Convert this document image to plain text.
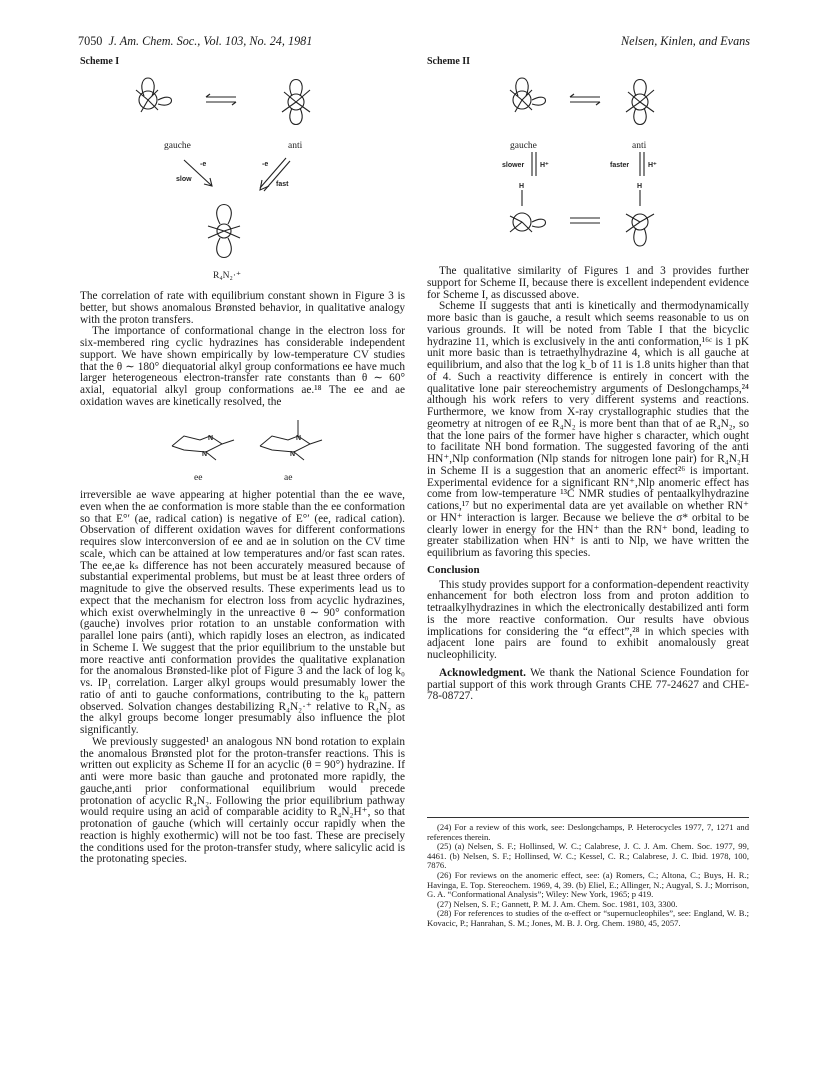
7050 J. Am. Chem. Soc., Vol. 103, No. 24, 1981	Nelsen, Kinlen, and Evans
Scheme I	Scheme II
gauche	anti
slow
-e
fast
-e
R₄N₂·⁺
gauche	anti
slower H⁺	faster	H⁺
H	H

The correlation of rate with equilibrium constant shown in Figure 3 is better, but shows anomalous Brønsted behavior, in qualitative analogy with the proton transfers.

The importance of conformational change in the electron loss for six-membered ring cyclic hydrazines has considerable independent support. We have shown empirically by low-temperature CV studies that the θ ∼ 180° diequatorial alkyl group conformations ee have much larger heterogeneous electron-transfer rate constants than θ ∼ 60° axial, equatorial alkyl group conformations ae.¹⁸ The ee and ae oxidation waves are kinetically resolved, the

N
N
N
N
ee	ae

irreversible ae wave appearing at higher potential than the ee wave, even when the ae conformation is more stable than the ee conformation so that E°′ (ae, radical cation) is negative of E°′ (ee, radical cation). Observation of different oxidation waves for different conformations requires slow interconversion of ee and ae in solution on the CV time scale, which can be attained at low temperatures and/or fast scan rates. The ee,ae kₛ difference has not been accurately measured because of substantial experimental problems, but must be at least three orders of magnitude to give the observed results. These experiments lead us to expect that the mechanism for electron loss from acyclic hydrazines, which exist overwhelmingly in the unreactive θ ∼ 90° conformation (gauche) involves prior rotation to an unstable conformation with parallel lone pairs (anti), which rapidly loses an electron, as indicated in Scheme I. We suggest that the prior equilibrium to the unstable but more reactive anti conformation provides the qualitative explanation for the anomalous Brønsted-like plot of Figure 3 and the lack of log k₀ vs. IP₁ correlation. Larger alkyl groups would presumably lower the ratio of anti to gauche conformations, contributing to the k₀ pattern observed. Solvation changes destabilizing R₄N₂·⁺ relative to R₄N₂ as the alkyl groups become longer presumably also influence the plot significantly.

We previously suggested¹ an analogous NN bond rotation to explain the anomalous Brønsted plot for the proton-transfer reactions. This is written out explicity as Scheme II for an acyclic (θ = 90°) hydrazine. If anti were more basic than gauche and protonated more rapidly, the gauche,anti prior conformational equilibrium would precede protonation of acyclic R₄N₂. Following the prior equilibrium pathway would require using an acid of comparable acidity to R₄N₂H⁺, so that protonation of gauche (which will certainly occur rapidly when the reaction is highly exothermic) will not be too fast. These are precisely the conditions used for the proton-transfer study, where salicylic acid is the protonating species.

The qualitative similarity of Figures 1 and 3 provides further support for Scheme II, because there is excellent independent evidence for Scheme I, as discussed above.

Scheme II suggests that anti is kinetically and thermodynamically more basic than is gauche, a result which seems reasonable to us on various grounds. It will be noted from Table I that the bicyclic hydrazine 11, which is exclusively in the anti conformation,¹⁶ᶜ is 1 pK unit more basic than is tetraethylhydrazine 4, which is all gauche at equilibrium, and also that the log k_b of 11 is 1.8 units higher than that of 4. Such a reactivity difference is entirely in concert with the qualitative lone pair stereochemistry arguments of Deslongchamps,²⁴ although his work refers to very different systems and reactions. Furthermore, we know from X-ray crystallographic studies that the geometry at nitrogen of ee R₄N₂ is more bent than that of ae R₄N₂, so that the lone pairs of the former have higher s character, which ought to facilitate NH bond formation. The suggested favoring of the anti HN⁺,Nlp conformation (Nlp stands for nitrogen lone pair) for R₄N₂H in Scheme II is a suggestion that an anomeric effect²⁶ is important. Experimental evidence for a significant RN⁺,Nlp anomeric effect has come from low-temperature ¹³C NMR studies of pentaalkylhydrazine cations,¹⁷ but no experimental data are yet available on whether RN⁺ or HN⁺ interaction is larger. Because we believe the σ* orbital to be clearly lower in energy for the HN⁺ than the RN⁺ bond, leading to greater stabilization when HN⁺ is anti to Nlp, we have written the equilibrium as favoring this species.

Conclusion

This study provides support for a conformation-dependent reactivity enhancement for both electron loss from and proton addition to tetraalkylhydrazines in which the electronically destabilized anti form is the more reactive conformation. Our results have obvious implications for considering the “α effect”,²⁸ in which species with adjacent lone pairs are found to exhibit anomalously great nucleophilicity.

Acknowledgment. We thank the National Science Foundation for partial support of this work through Grants CHE 77-24627 and CHE-78-08727.

(24) For a review of this work, see: Deslongchamps, P. Heterocycles 1977, 7, 1271 and references therein.

(25) (a) Nelsen, S. F.; Hollinsed, W. C.; Calabrese, J. C. J. Am. Chem. Soc. 1977, 99, 4461. (b) Nelsen, S. F.; Hollinsed, W. C.; Kessel, C. R.; Calabrese, J. C. Ibid. 1978, 100, 7876.

(26) For reviews on the anomeric effect, see: (a) Romers, C.; Altona, C.; Buys, H. R.; Havinga, E. Top. Stereochem. 1969, 4, 39. (b) Eliel, E.; Allinger, N.; Augyal, S. J.; Morrison, G. A. “Conformational Analysis”; Wiley: New York, 1965; p 419.

(27) Nelsen, S. F.; Gannett, P. M. J. Am. Chem. Soc. 1981, 103, 3300.

(28) For references to studies of the α-effect or “supernucleophiles”, see: England, W. B.; Kovacic, P.; Hanrahan, S. M.; Jones, M. B. J. Org. Chem. 1980, 45, 2057.
